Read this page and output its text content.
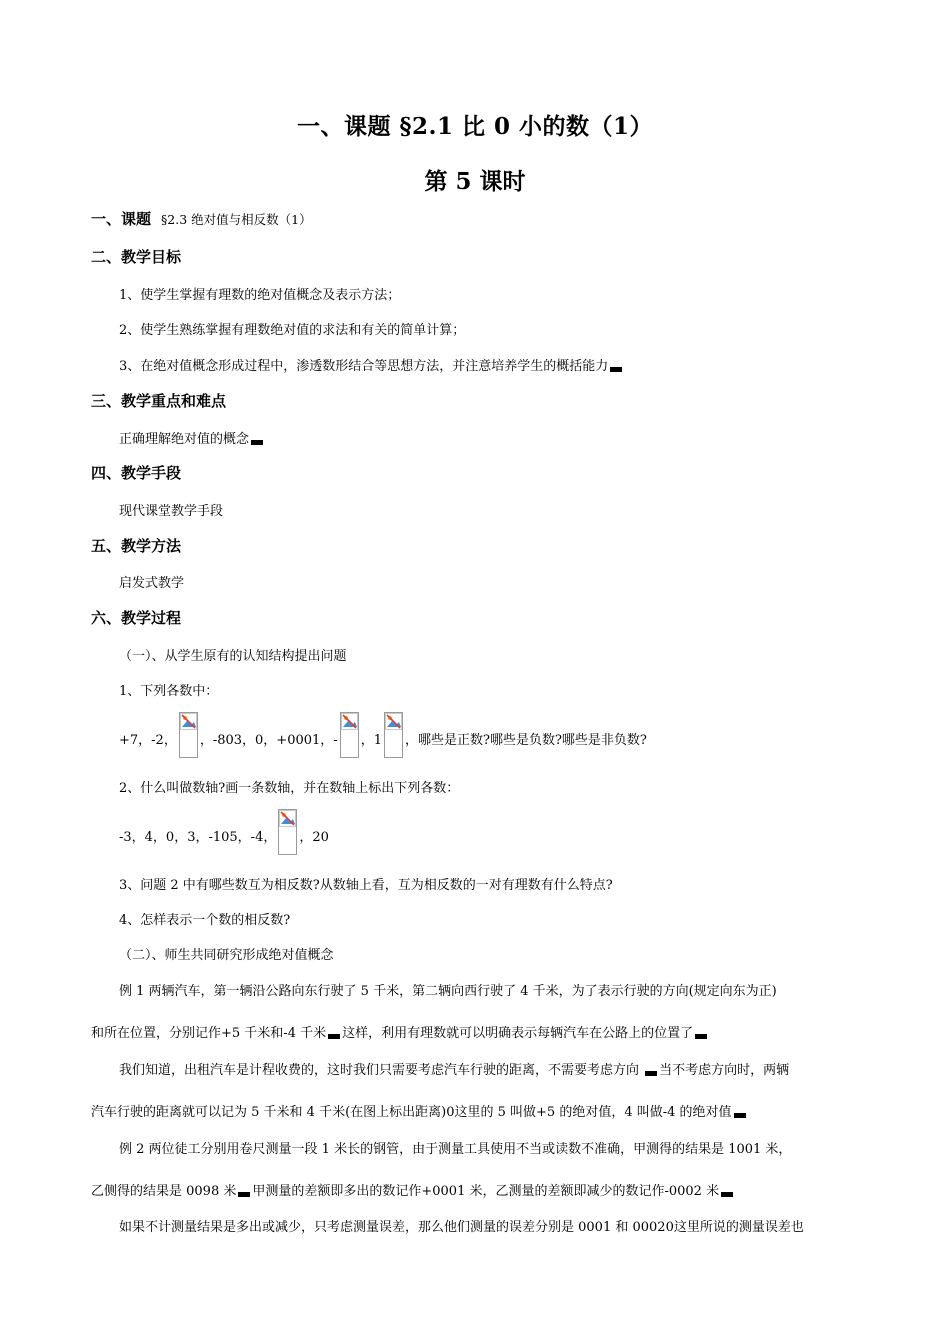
一、课题 §2.1 比 0 小的数（1）
第 5 课时
一、课题 §2.3 绝对值与相反数（1）
二、教学目标
1、使学生掌握有理数的绝对值概念及表示方法；
2、使学生熟练掌握有理数绝对值的求法和有关的简单计算；
3、在绝对值概念形成过程中，渗透数形结合等思想方法，并注意培养学生的概括能力
三、教学重点和难点
正确理解绝对值的概念
四、教学手段
现代课堂教学手段
五、教学方法
启发式教学
六、教学过程
（一）、从学生原有的认知结构提出问题
1、下列各数中：
+7，-2， ，-803，0，+0001，- ，1 ，哪些是正数?哪些是负数?哪些是非负数?
2、什么叫做数轴?画一条数轴，并在数轴上标出下列各数：
-3，4，0，3，-105，-4， ，20
3、问题 2 中有哪些数互为相反数?从数轴上看，互为相反数的一对有理数有什么特点?
4、怎样表示一个数的相反数?
（二）、师生共同研究形成绝对值概念
例 1 两辆汽车，第一辆沿公路向东行驶了 5 千米，第二辆向西行驶了 4 千米，为了表示行驶的方向(规定向东为正)
和所在位置，分别记作+5 千米和-4 千米 这样，利用有理数就可以明确表示每辆汽车在公路上的位置了
我们知道，出租汽车是计程收费的，这时我们只需要考虑汽车行驶的距离，不需要考虑方向 当不考虑方向时，两辆
汽车行驶的距离就可以记为 5 千米和 4 千米(在图上标出距离)0这里的 5 叫做+5 的绝对值，4 叫做-4 的绝对值
例 2 两位徒工分别用卷尺测量一段 1 米长的钢管，由于测量工具使用不当或读数不准确，甲测得的结果是 1001 米，
乙侧得的结果是 0098 米 甲测量的差额即多出的数记作+0001 米，乙测量的差额即减少的数记作-0002 米
如果不计测量结果是多出或减少，只考虑测量误差，那么他们测量的误差分别是 0001 和 00020这里所说的测量误差也
